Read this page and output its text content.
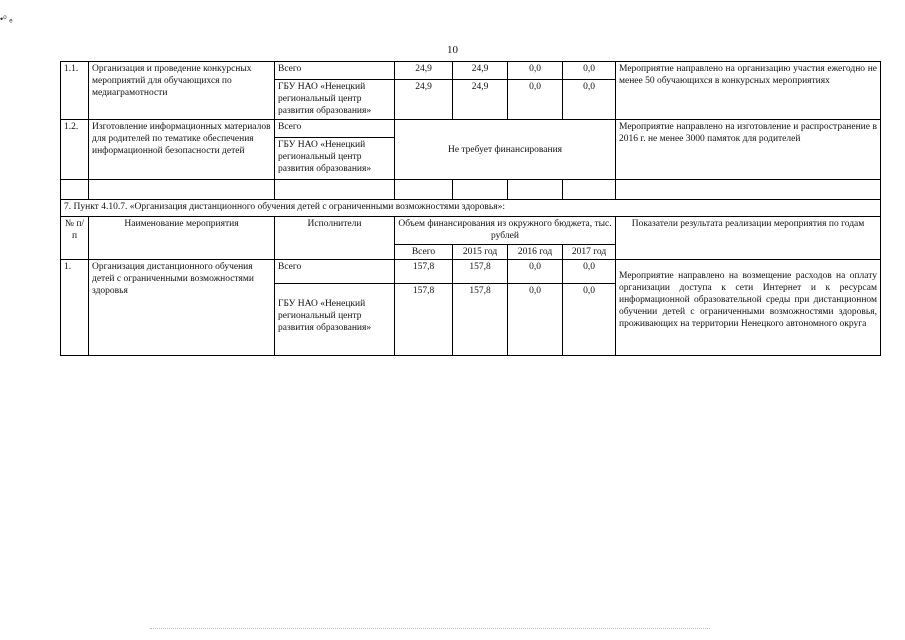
•⁰ ₑ
10
1.1.	Организация и проведение конкурсных мероприятий для обучающихся по медиаграмотности	Всего	24,9	24,9	0,0	0,0	Мероприятие направлено на организацию участия ежегодно не менее 50 обучающихся в конкурсных мероприятиях
		ГБУ НАО «Ненецкий региональный центр развития образования»	24,9	24,9	0,0	0,0	
1.2.	Изготовление информационных материалов для родителей по тематике обеспечения информационной безопасности детей	Всего	Не требует финансирования				Мероприятие направлено на изготовление и распространение в 2016 г. не менее 3000 памяток для родителей
		ГБУ НАО «Ненецкий региональный центр развития образования»					

7. Пункт 4.10.7. «Организация дистанционного обучения детей с ограниченными возможностями здоровья»:							
№ п/п	Наименование мероприятия	Исполнители	Объем финансирования из окружного бюджета, тыс. рублей				Показатели результата реализации мероприятия по годам
			Всего	2015 год	2016 год	2017 год	
1.	Организация дистанционного обучения детей с ограниченными возможностями здоровья	Всего	157,8	157,8	0,0	0,0	Мероприятие направлено на возмещение расходов на оплату организации доступа к сети Интернет и к ресурсам информационной образовательной среды при дистанционном обучении детей с ограниченными возможностями здоровья, проживающих на территории Ненецкого автономного округа
		ГБУ НАО «Ненецкий региональный центр развития образования»	157,8	157,8	0,0	0,0	
